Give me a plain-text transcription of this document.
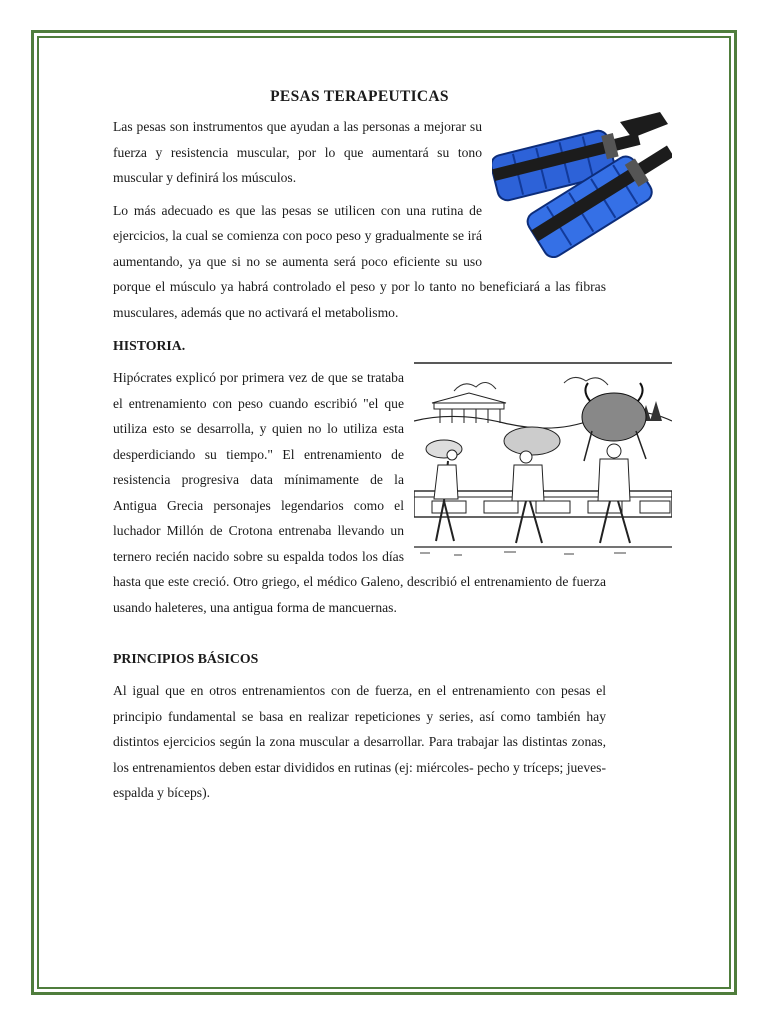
PESAS TERAPEUTICAS

Las pesas son instrumentos que ayudan a las personas a mejorar su fuerza y resistencia muscular, por lo que aumentará su tono muscular y definirá los músculos.

Lo más adecuado es que las pesas se utilicen con una rutina de ejercicios, la cual se comienza con poco peso y gradualmente se irá aumentando, ya que si no se aumenta será poco eficiente su uso porque el músculo ya habrá controlado el peso y por lo tanto no beneficiará a las fibras musculares, además que no activará el metabolismo.

HISTORIA.

Hipócrates explicó por primera vez de que se trataba el entrenamiento con peso cuando escribió "el que utiliza esto se desarrolla, y quien no lo utiliza esta desperdiciando su tiempo." El entrenamiento de resistencia progresiva data mínimamente de la Antigua Grecia personajes legendarios como el luchador Millón de Crotona entrenaba llevando un ternero recién nacido sobre su espalda todos los días hasta que este creció. Otro griego, el médico Galeno, describió el entrenamiento de fuerza usando haleteres, una antigua forma de mancuernas.

PRINCIPIOS BÁSICOS

Al igual que en otros entrenamientos con de fuerza, en el entrenamiento con pesas el principio fundamental se basa en realizar repeticiones y series, así como también hay distintos ejercicios según la zona muscular a desarrollar. Para trabajar las distintas zonas, los entrenamientos deben estar divididos en rutinas (ej: miércoles- pecho y tríceps; jueves-espalda y bíceps).
